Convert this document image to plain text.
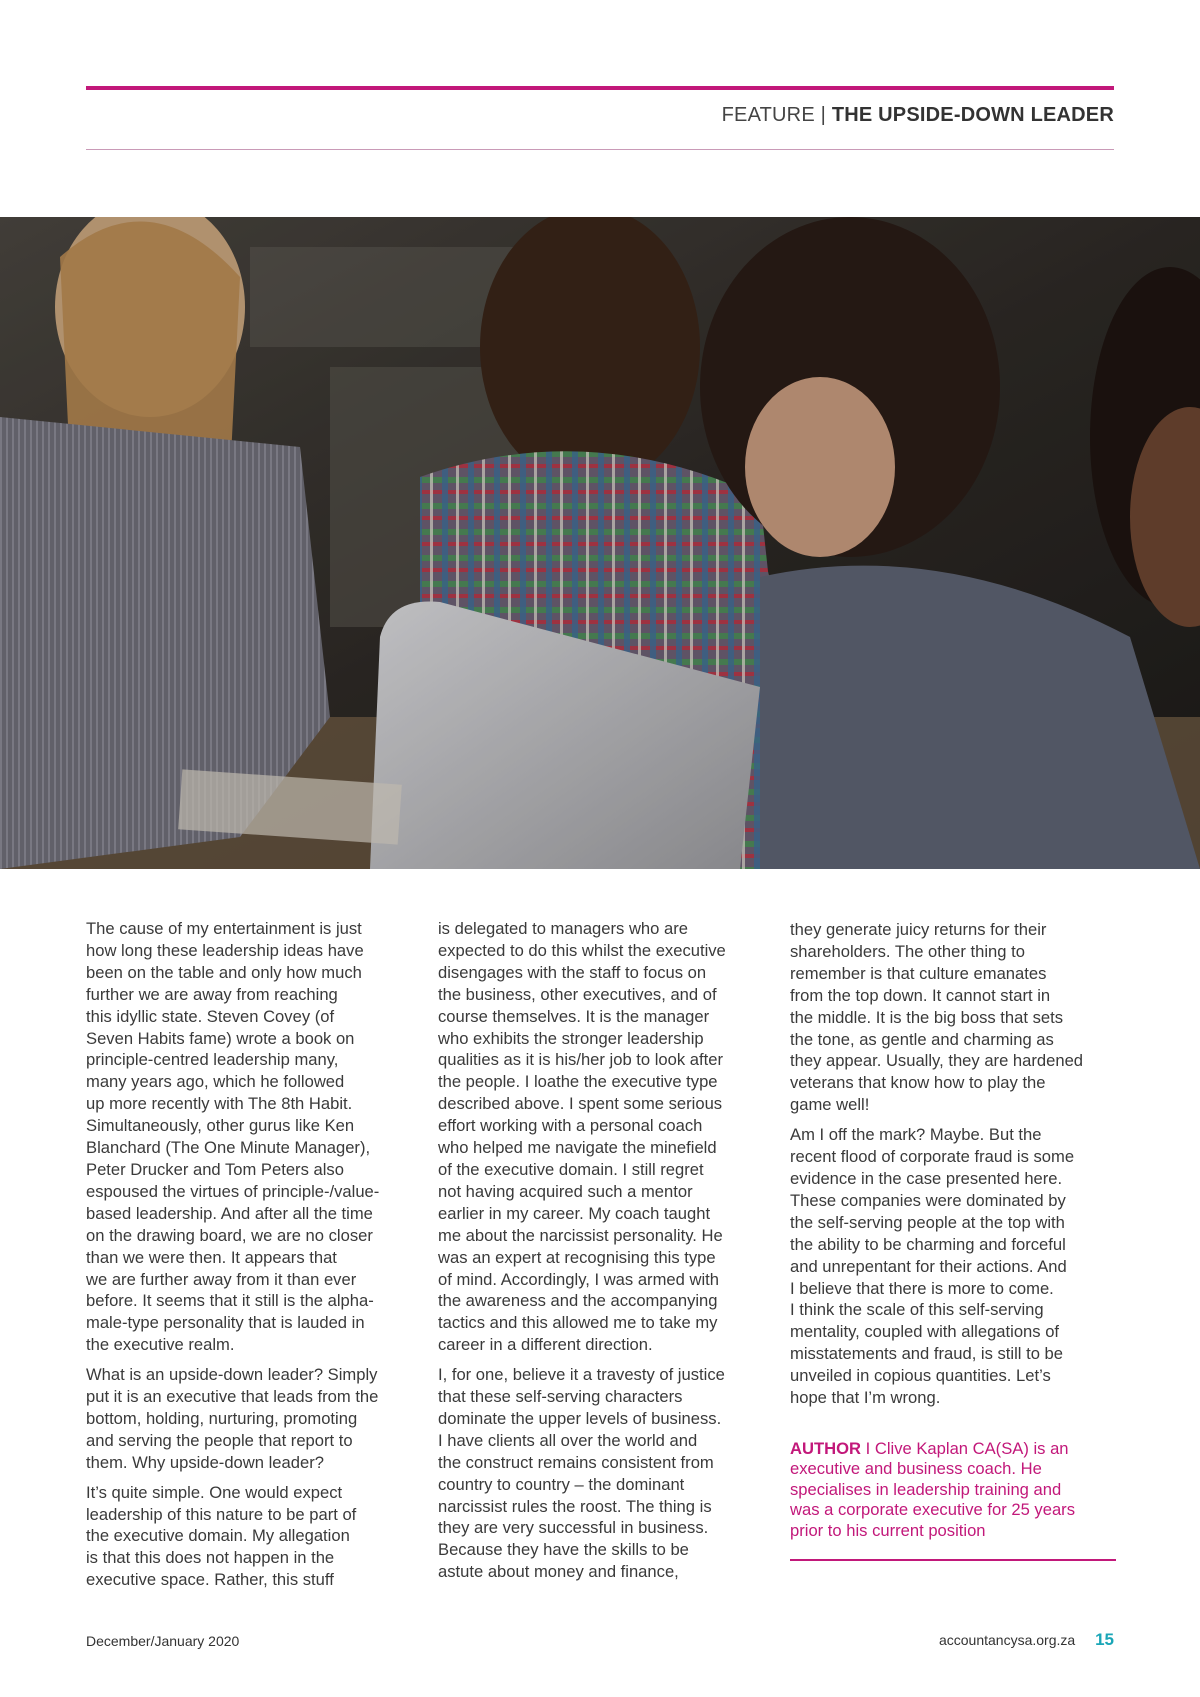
FEATURE | THE UPSIDE-DOWN LEADER

The cause of my entertainment is just
how long these leadership ideas have
been on the table and only how much
further we are away from reaching
this idyllic state. Steven Covey (of
Seven Habits fame) wrote a book on
principle-centred leadership many,
many years ago, which he followed
up more recently with The 8th Habit.
Simultaneously, other gurus like Ken
Blanchard (The One Minute Manager),
Peter Drucker and Tom Peters also
espoused the virtues of principle-/value-
based leadership. And after all the time
on the drawing board, we are no closer
than we were then. It appears that
we are further away from it than ever
before. It seems that it still is the alpha-
male-type personality that is lauded in
the executive realm.

What is an upside-down leader? Simply
put it is an executive that leads from the
bottom, holding, nurturing, promoting
and serving the people that report to
them. Why upside-down leader?

It’s quite simple. One would expect
leadership of this nature to be part of
the executive domain. My allegation
is that this does not happen in the
executive space. Rather, this stuff

is delegated to managers who are
expected to do this whilst the executive
disengages with the staff to focus on
the business, other executives, and of
course themselves. It is the manager
who exhibits the stronger leadership
qualities as it is his/her job to look after
the people. I loathe the executive type
described above. I spent some serious
effort working with a personal coach
who helped me navigate the minefield
of the executive domain. I still regret
not having acquired such a mentor
earlier in my career. My coach taught
me about the narcissist personality. He
was an expert at recognising this type
of mind. Accordingly, I was armed with
the awareness and the accompanying
tactics and this allowed me to take my
career in a different direction.

I, for one, believe it a travesty of justice
that these self-serving characters
dominate the upper levels of business.
I have clients all over the world and
the construct remains consistent from
country to country – the dominant
narcissist rules the roost. The thing is
they are very successful in business.
Because they have the skills to be
astute about money and finance,

they generate juicy returns for their
shareholders. The other thing to
remember is that culture emanates
from the top down. It cannot start in
the middle. It is the big boss that sets
the tone, as gentle and charming as
they appear. Usually, they are hardened
veterans that know how to play the
game well!

Am I off the mark? Maybe. But the
recent flood of corporate fraud is some
evidence in the case presented here.
These companies were dominated by
the self-serving people at the top with
the ability to be charming and forceful
and unrepentant for their actions. And
I believe that there is more to come.
I think the scale of this self-serving
mentality, coupled with allegations of
misstatements and fraud, is still to be
unveiled in copious quantities. Let’s
hope that I’m wrong.

AUTHOR I Clive Kaplan CA(SA) is an
executive and business coach. He
specialises in leadership training and
was a corporate executive for 25 years
prior to his current position
December/January 2020	accountancysa.org.za 15
